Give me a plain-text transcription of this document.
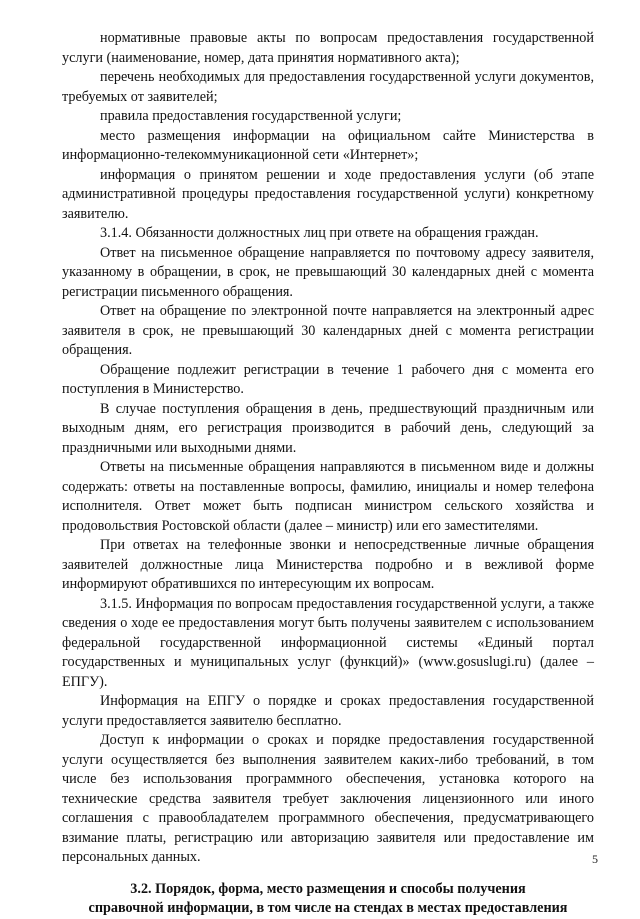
нормативные правовые акты по вопросам предоставления государственной услуги (наименование, номер, дата принятия нормативного акта);

перечень необходимых для предоставления государственной услуги документов, требуемых от заявителей;

правила предоставления государственной услуги;

место размещения информации на официальном сайте Министерства в информационно-телекоммуникационной сети «Интернет»;

информация о принятом решении и ходе предоставления услуги (об этапе административной процедуры предоставления государственной услуги) конкретному заявителю.

3.1.4. Обязанности должностных лиц при ответе на обращения граждан.

Ответ на письменное обращение направляется по почтовому адресу заявителя, указанному в обращении, в срок, не превышающий 30 календарных дней с момента регистрации письменного обращения.

Ответ на обращение по электронной почте направляется на электронный адрес заявителя в срок, не превышающий 30 календарных дней с момента регистрации обращения.

Обращение подлежит регистрации в течение 1 рабочего дня с момента его поступления в Министерство.

В случае поступления обращения в день, предшествующий праздничным или выходным дням, его регистрация производится в рабочий день, следующий за праздничными или выходными днями.

Ответы на письменные обращения направляются в письменном виде и должны содержать: ответы на поставленные вопросы, фамилию, инициалы и номер телефона исполнителя. Ответ может быть подписан министром сельского хозяйства и продовольствия Ростовской области (далее – министр) или его заместителями.

При ответах на телефонные звонки и непосредственные личные обращения заявителей должностные лица Министерства подробно и в вежливой форме информируют обратившихся по интересующим их вопросам.

3.1.5. Информация по вопросам предоставления государственной услуги, а также сведения о ходе ее предоставления могут быть получены заявителем с использованием федеральной государственной информационной системы «Единый портал государственных и муниципальных услуг (функций)» (www.gosuslugi.ru) (далее – ЕПГУ).

Информация на ЕПГУ о порядке и сроках предоставления государственной услуги предоставляется заявителю бесплатно.

Доступ к информации о сроках и порядке предоставления государственной услуги осуществляется без выполнения заявителем каких-либо требований, в том числе без использования программного обеспечения, установка которого на технические средства заявителя требует заключения лицензионного или иного соглашения с правообладателем программного обеспечения, предусматривающего взимание платы, регистрацию или авторизацию заявителя или предоставление им персональных данных.

3.2. Порядок, форма, место размещения и способы получения
справочной информации, в том числе на стендах в местах предоставления
5
